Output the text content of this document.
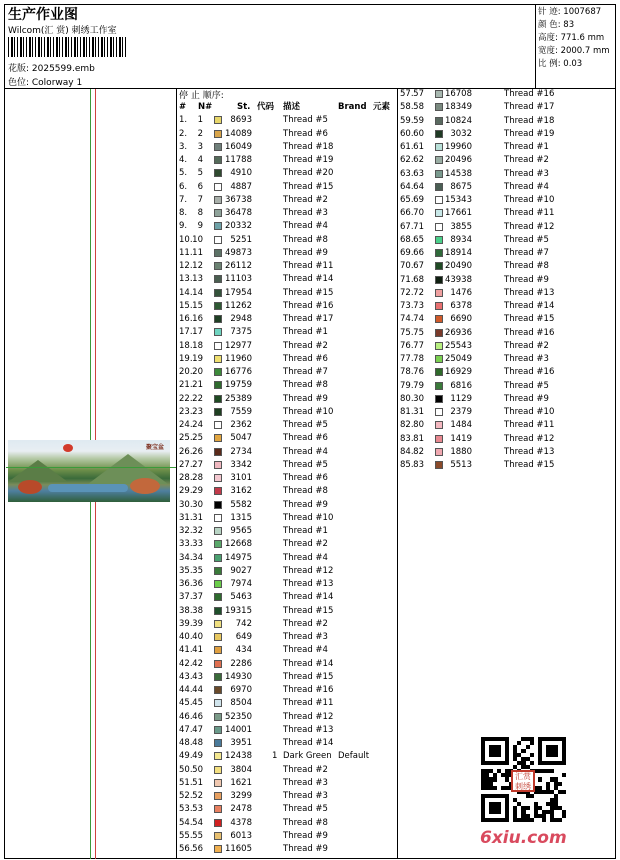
生产作业图
Wilcom(汇 赏) 刺绣工作室
花版: 2025599.emb
色位: Colorway 1
针 迹: 1007687
颜 色: 83
高度: 771.6 mm
宽度: 2000.7 mm
比 例: 0.03
聚宝盆
停 止 顺序:
# N#	St. 代码 描述	Brand 元素
1.	1	8693	Thread #5
2.	2	14089	Thread #6
3.	3	16049	Thread #18
4.	4	11788	Thread #19
5.	5	4910	Thread #20
6.	6	4887	Thread #15
7.	7	36738	Thread #2
8.	8	36478	Thread #3
9.	9	20332	Thread #4
10. 10	5251	Thread #8
11. 11	49873	Thread #9
12. 12	26112	Thread #11
13. 13	11103	Thread #14
14. 14	17954	Thread #15
15. 15	11262	Thread #16
16. 16	2948	Thread #17
17. 17	7375	Thread #1
18. 18	12977	Thread #2
19. 19	11960	Thread #6
20. 20	16776	Thread #7
21. 21	19759	Thread #8
22. 22	25389	Thread #9
23. 23	7559	Thread #10
24. 24	2362	Thread #5
25. 25	5047	Thread #6
26. 26	2734	Thread #4
27. 27	3342	Thread #5
28. 28	3101	Thread #6
29. 29	3162	Thread #8
30. 30	5582	Thread #9
31. 31	1315	Thread #10
32. 32	9565	Thread #1
33. 33	12668	Thread #2
34. 34	14975	Thread #4
35. 35	9027	Thread #12
36. 36	7974	Thread #13
37. 37	5463	Thread #14
38. 38	19315	Thread #15
39. 39	742	Thread #2
40. 40	649	Thread #3
41. 41	434	Thread #4
42. 42	2286	Thread #14
43. 43	14930	Thread #15
44. 44	6970	Thread #16
45. 45	8504	Thread #11
46. 46	52350	Thread #12
47. 47	14001	Thread #13
48. 48	3951	Thread #14
49. 49	12438 1 Dark Green Default
50. 50	3804	Thread #2
51. 51	1621	Thread #3
52. 52	3299	Thread #3
53. 53	2478	Thread #5
54. 54	4378	Thread #8
55. 55	6013	Thread #9
56. 56	11605	Thread #9
57. 57	16708	Thread #16
58. 58	18349	Thread #17
59. 59	10824	Thread #18
60. 60	3032	Thread #19
61. 61	19960	Thread #1
62. 62	20496	Thread #2
63. 63	14538	Thread #3
64. 64	8675	Thread #4
65. 69	15343	Thread #10
66. 70	17661	Thread #11
67. 71	3855	Thread #12
68. 65	8934	Thread #5
69. 66	18914	Thread #7
70. 67	20490	Thread #8
71. 68	43938	Thread #9
72. 72	1476	Thread #13
73. 73	6378	Thread #14
74. 74	6690	Thread #15
75. 75	26936	Thread #16
76. 77	25543	Thread #2
77. 78	25049	Thread #3
78. 76	16929	Thread #16
79. 79	6816	Thread #5
80. 30	1129	Thread #9
81. 31	2379	Thread #10
82. 80	1484	Thread #11
83. 81	1419	Thread #12
84. 82	1880	Thread #13
85. 83	5513	Thread #15
汇赏
刺绣
6xiu.com
